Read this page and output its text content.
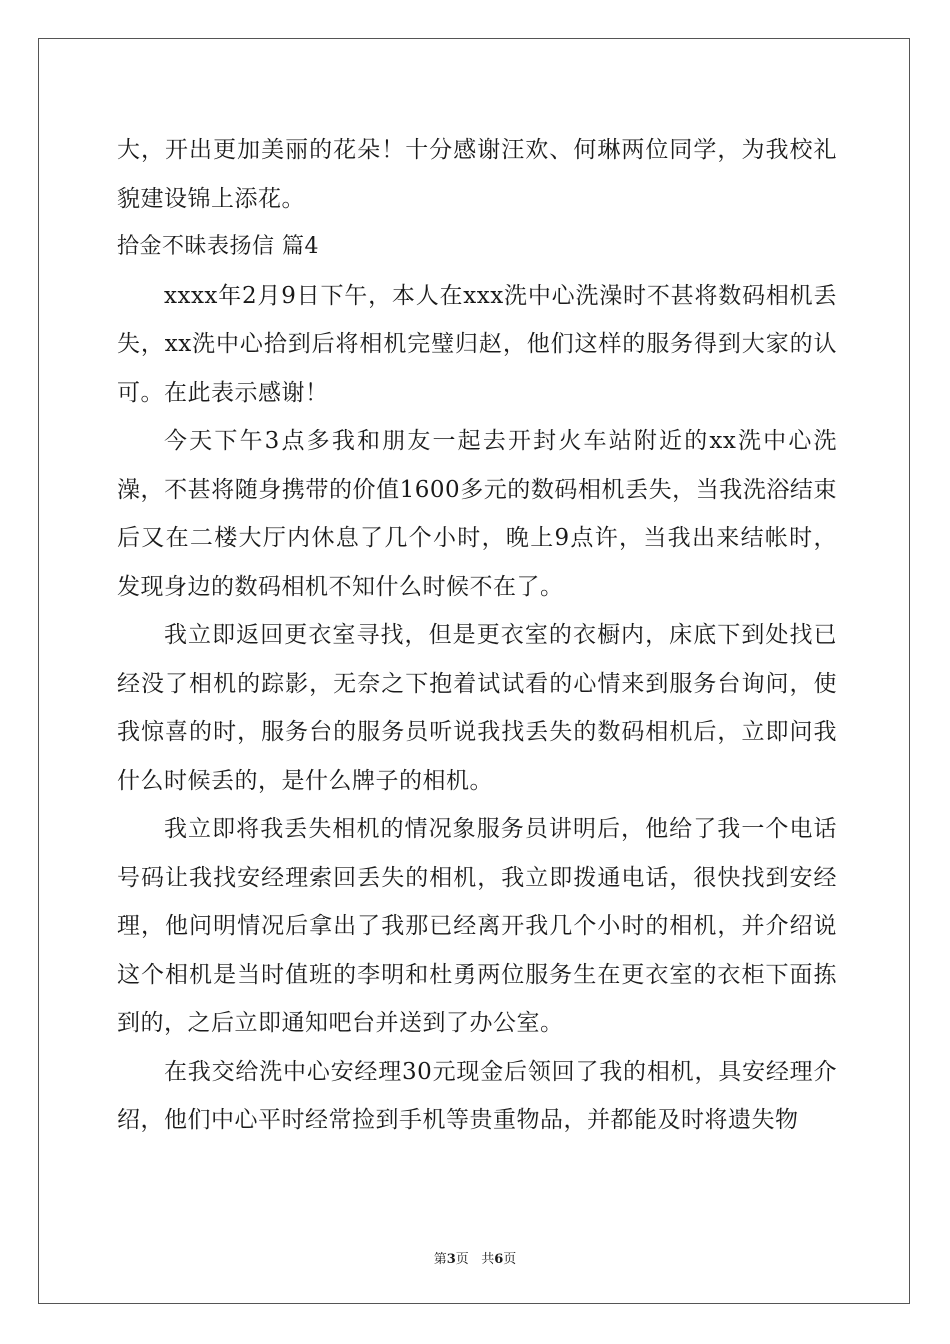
大，开出更加美丽的花朵！十分感谢汪欢、何琳两位同学，为我校礼貌建设锦上添花。

拾金不昧表扬信 篇4

xxxx年2月9日下午，本人在xxx洗中心洗澡时不甚将数码相机丢失，xx洗中心拾到后将相机完璧归赵，他们这样的服务得到大家的认可。在此表示感谢！

今天下午3点多我和朋友一起去开封火车站附近的xx洗中心洗澡，不甚将随身携带的价值1600多元的数码相机丢失，当我洗浴结束后又在二楼大厅内休息了几个小时，晚上9点许，当我出来结帐时，发现身边的数码相机不知什么时候不在了。

我立即返回更衣室寻找，但是更衣室的衣橱内，床底下到处找已经没了相机的踪影，无奈之下抱着试试看的心情来到服务台询问，使我惊喜的时，服务台的服务员听说我找丢失的数码相机后，立即问我什么时候丢的，是什么牌子的相机。

我立即将我丢失相机的情况象服务员讲明后，他给了我一个电话号码让我找安经理索回丢失的相机，我立即拨通电话，很快找到安经理，他问明情况后拿出了我那已经离开我几个小时的相机，并介绍说这个相机是当时值班的李明和杜勇两位服务生在更衣室的衣柜下面拣到的，之后立即通知吧台并送到了办公室。

在我交给洗中心安经理30元现金后领回了我的相机，具安经理介绍，他们中心平时经常捡到手机等贵重物品，并都能及时将遗失物

第3页 共6页
